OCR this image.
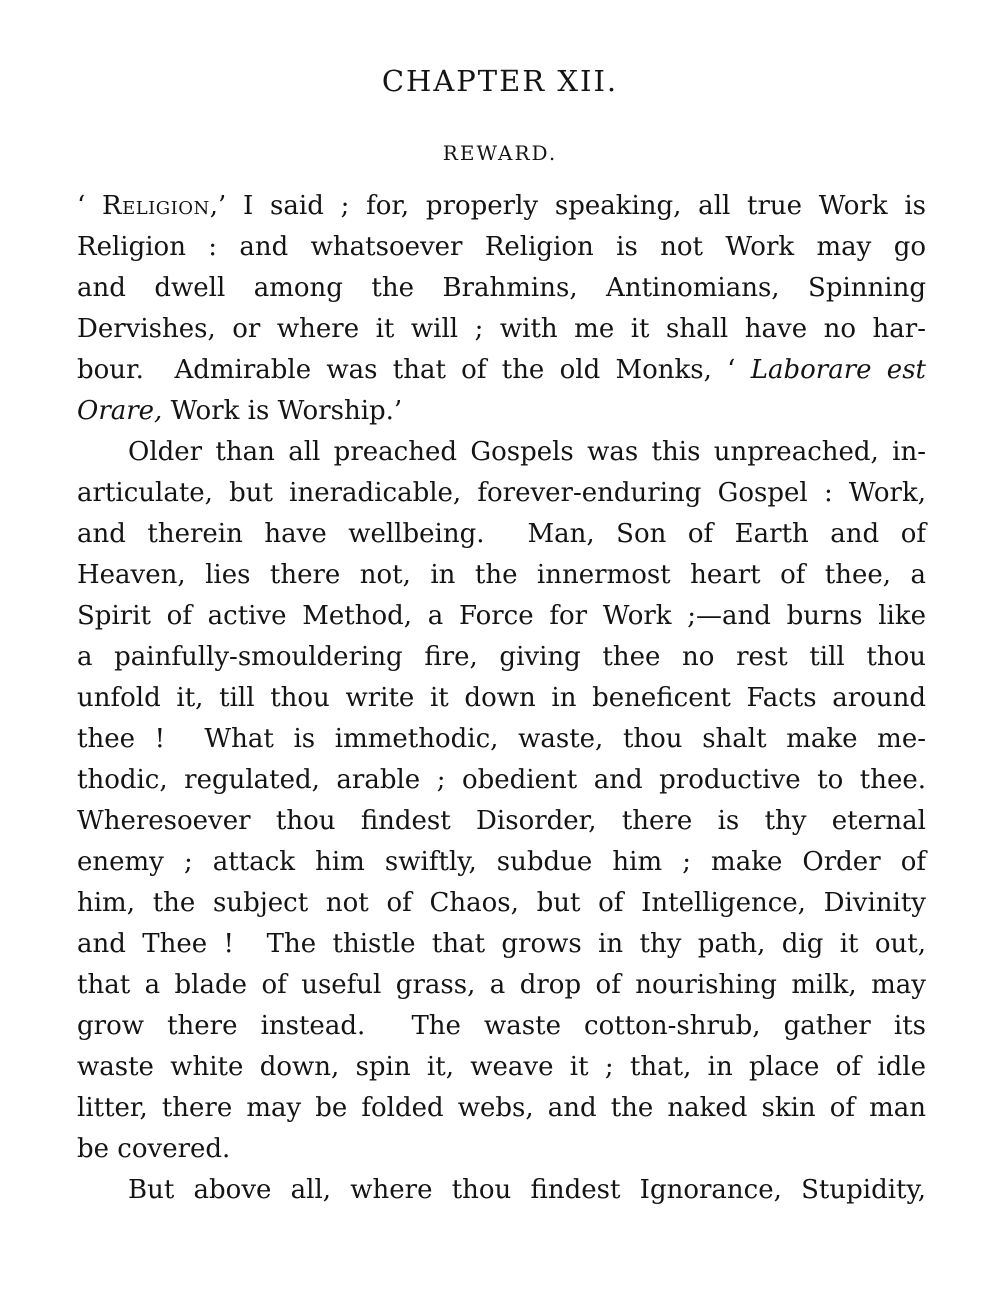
CHAPTER XII.
REWARD.
‘ Religion,’ I said ; for, properly speaking, all true Work is
Religion : and whatsoever Religion is not Work may go
and dwell among the Brahmins, Antinomians, Spinning
Dervishes, or where it will ; with me it shall have no har-
bour.  Admirable was that of the old Monks, ‘ Laborare est
Orare, Work is Worship.’
Older than all preached Gospels was this unpreached, in-
articulate, but ineradicable, forever-enduring Gospel : Work,
and therein have wellbeing.  Man, Son of Earth and of
Heaven, lies there not, in the innermost heart of thee, a
Spirit of active Method, a Force for Work ;—and burns like
a painfully-smouldering fire, giving thee no rest till thou
unfold it, till thou write it down in beneficent Facts around
thee !  What is immethodic, waste, thou shalt make me-
thodic, regulated, arable ; obedient and productive to thee.
Wheresoever thou findest Disorder, there is thy eternal
enemy ; attack him swiftly, subdue him ; make Order of
him, the subject not of Chaos, but of Intelligence, Divinity
and Thee !  The thistle that grows in thy path, dig it out,
that a blade of useful grass, a drop of nourishing milk, may
grow there instead.  The waste cotton-shrub, gather its
waste white down, spin it, weave it ; that, in place of idle
litter, there may be folded webs, and the naked skin of man
be covered.
But above all, where thou findest Ignorance, Stupidity,
